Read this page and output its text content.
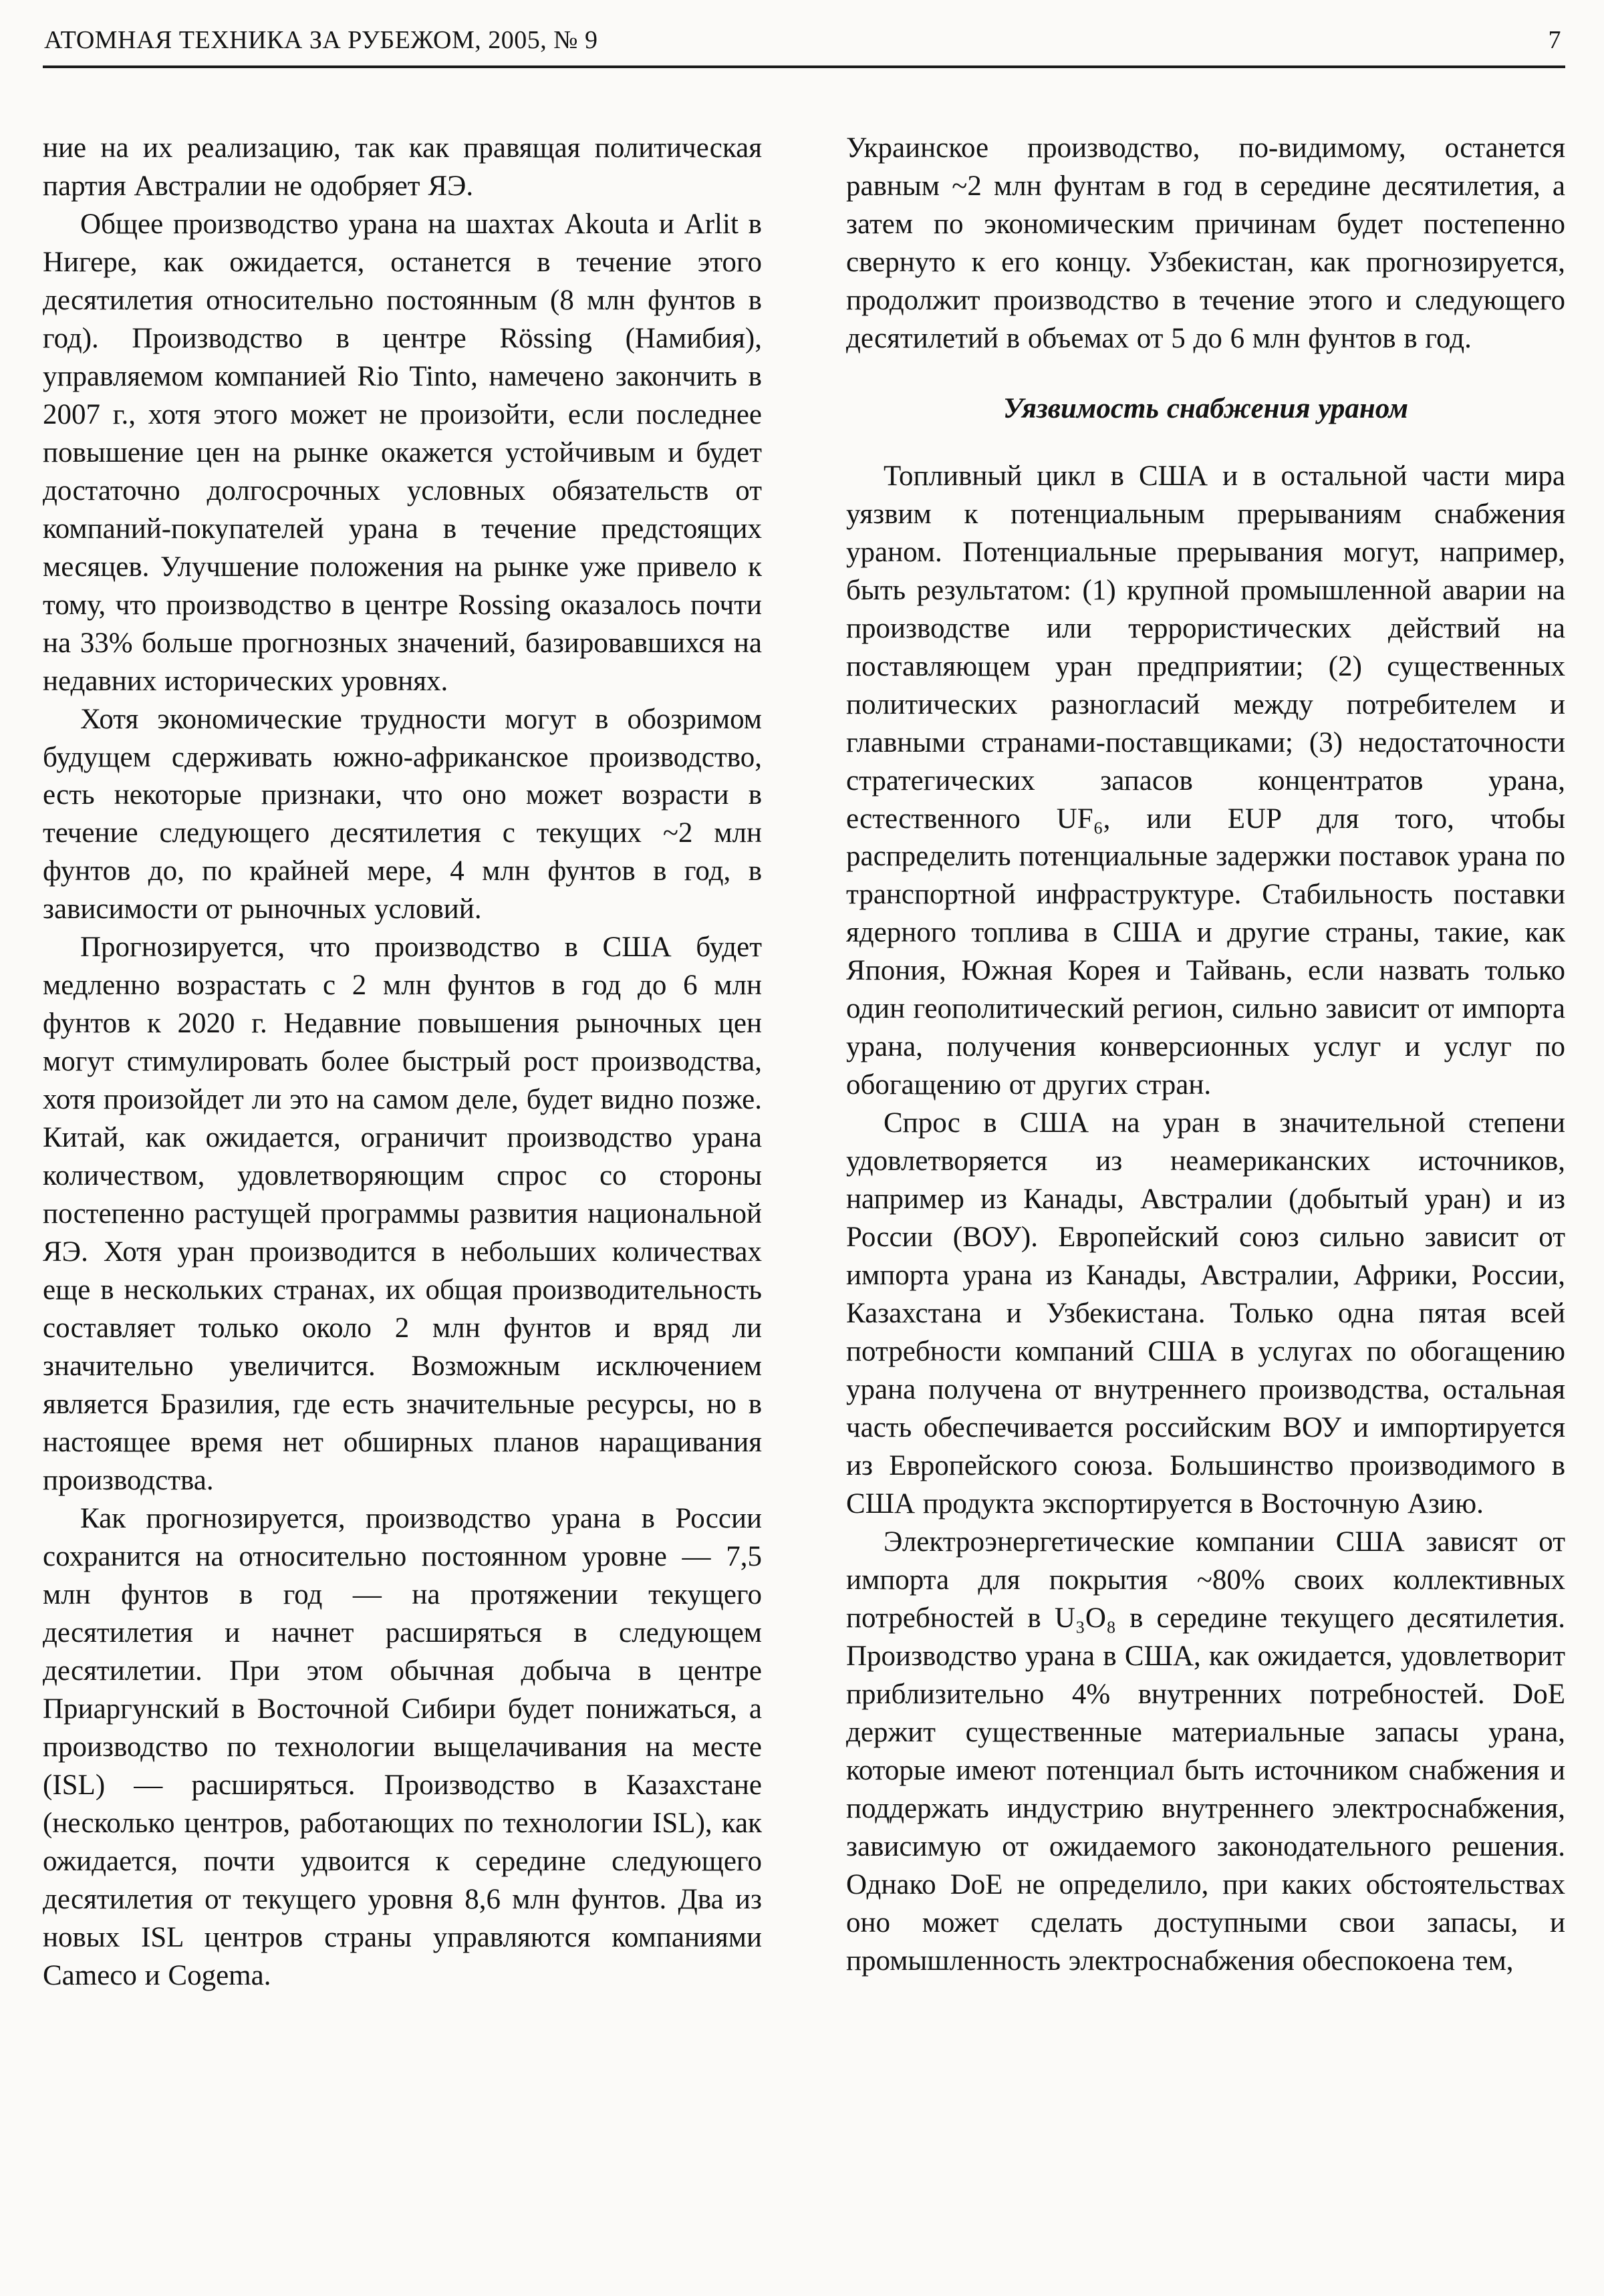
АТОМНАЯ ТЕХНИКА ЗА РУБЕЖОМ, 2005, № 9	7

ние на их реализацию, так как правящая политическая партия Австралии не одобряет ЯЭ.

Общее производство урана на шахтах Akouta и Arlit в Нигере, как ожидается, останется в течение этого десятилетия относительно постоянным (8 млн фунтов в год). Производство в центре Rössing (Намибия), управляемом компанией Rio Tinto, намечено закончить в 2007 г., хотя этого может не произойти, если последнее повышение цен на рынке окажется устойчивым и будет достаточно долгосрочных условных обязательств от компаний-покупателей урана в течение предстоящих месяцев. Улучшение положения на рынке уже привело к тому, что производство в центре Rossing оказалось почти на 33% больше прогнозных значений, базировавшихся на недавних исторических уровнях.

Хотя экономические трудности могут в обозримом будущем сдерживать южно-африканское производство, есть некоторые признаки, что оно может возрасти в течение следующего десятилетия с текущих ~2 млн фунтов до, по крайней мере, 4 млн фунтов в год, в зависимости от рыночных условий.

Прогнозируется, что производство в США будет медленно возрастать с 2 млн фунтов в год до 6 млн фунтов к 2020 г. Недавние повышения рыночных цен могут стимулировать более быстрый рост производства, хотя произойдет ли это на самом деле, будет видно позже. Китай, как ожидается, ограничит производство урана количеством, удовлетворяющим спрос со стороны постепенно растущей программы развития национальной ЯЭ. Хотя уран производится в небольших количествах еще в нескольких странах, их общая производительность составляет только около 2 млн фунтов и вряд ли значительно увеличится. Возможным исключением является Бразилия, где есть значительные ресурсы, но в настоящее время нет обширных планов наращивания производства.

Как прогнозируется, производство урана в России сохранится на относительно постоянном уровне — 7,5 млн фунтов в год — на протяжении текущего десятилетия и начнет расширяться в следующем десятилетии. При этом обычная добыча в центре Приаргунский в Восточной Сибири будет понижаться, а производство по технологии выщелачивания на месте (ISL) — расширяться. Производство в Казахстане (несколько центров, работающих по технологии ISL), как ожидается, почти удвоится к середине следующего десятилетия от текущего уровня 8,6 млн фунтов. Два из новых ISL центров страны управляются компаниями Cameco и Cogema.

Украинское производство, по-видимому, останется равным ~2 млн фунтам в год в середине десятилетия, а затем по экономическим причинам будет постепенно свернуто к его концу. Узбекистан, как прогнозируется, продолжит производство в течение этого и следующего десятилетий в объемах от 5 до 6 млн фунтов в год.

Уязвимость снабжения ураном

Топливный цикл в США и в остальной части мира уязвим к потенциальным прерываниям снабжения ураном. Потенциальные прерывания могут, например, быть результатом: (1) крупной промышленной аварии на производстве или террористических действий на поставляющем уран предприятии; (2) существенных политических разногласий между потребителем и главными странами-поставщиками; (3) недостаточности стратегических запасов концентратов урана, естественного UF₆, или EUP для того, чтобы распределить потенциальные задержки поставок урана по транспортной инфраструктуре. Стабильность поставки ядерного топлива в США и другие страны, такие, как Япония, Южная Корея и Тайвань, если назвать только один геополитический регион, сильно зависит от импорта урана, получения конверсионных услуг и услуг по обогащению от других стран.

Спрос в США на уран в значительной степени удовлетворяется из неамериканских источников, например из Канады, Австралии (добытый уран) и из России (ВОУ). Европейский союз сильно зависит от импорта урана из Канады, Австралии, Африки, России, Казахстана и Узбекистана. Только одна пятая всей потребности компаний США в услугах по обогащению урана получена от внутреннего производства, остальная часть обеспечивается российским ВОУ и импортируется из Европейского союза. Большинство производимого в США продукта экспортируется в Восточную Азию.

Электроэнергетические компании США зависят от импорта для покрытия ~80% своих коллективных потребностей в U₃O₈ в середине текущего десятилетия. Производство урана в США, как ожидается, удовлетворит приблизительно 4% внутренних потребностей. DoE держит существенные материальные запасы урана, которые имеют потенциал быть источником снабжения и поддержать индустрию внутреннего электроснабжения, зависимую от ожидаемого законодательного решения. Однако DoE не определило, при каких обстоятельствах оно может сделать доступными свои запасы, и промышленность электроснабжения обеспокоена тем,
